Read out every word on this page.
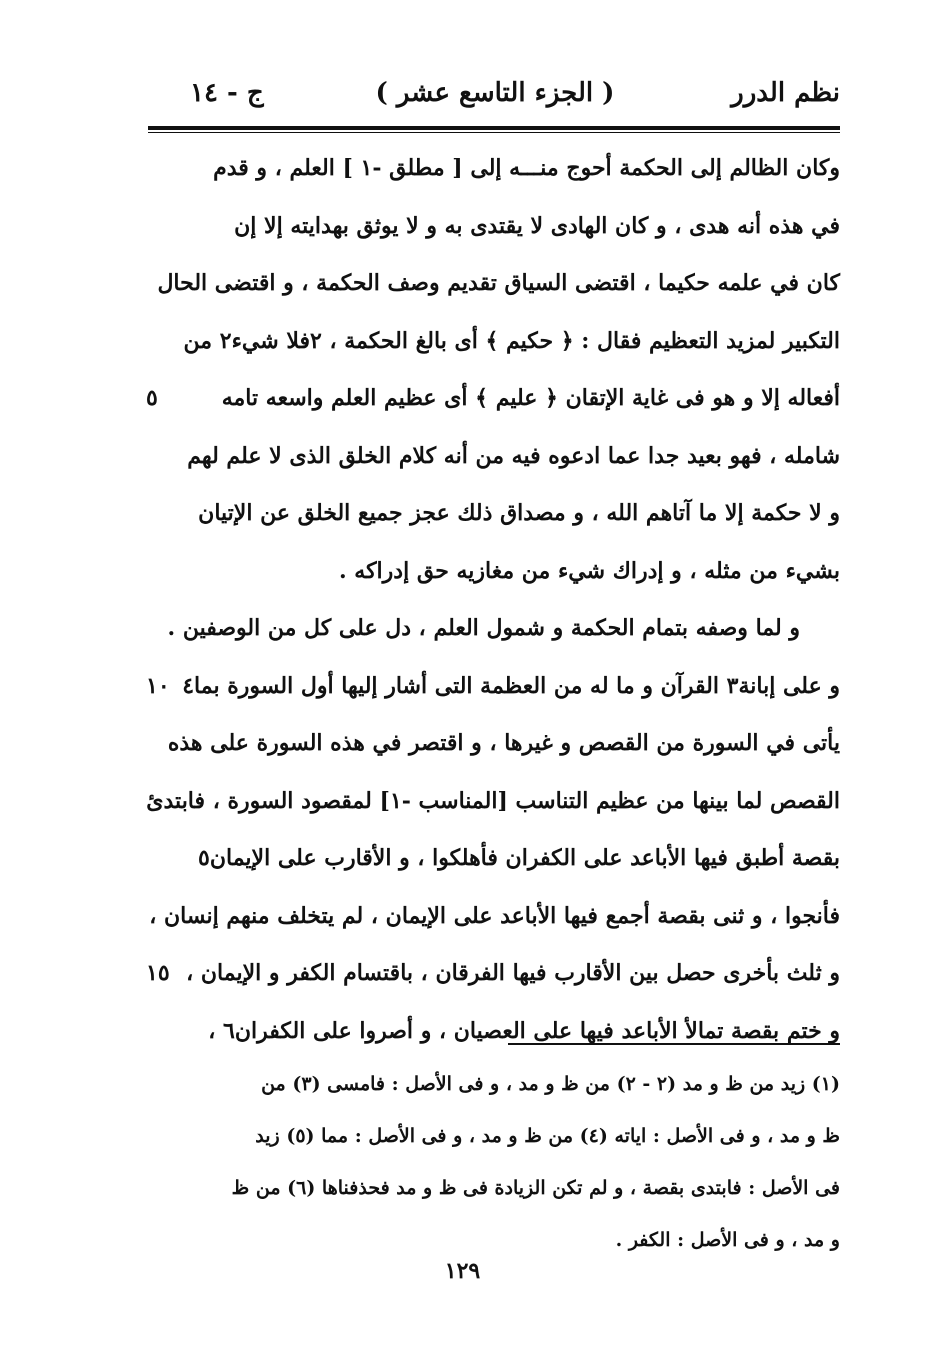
نظم الدرر
( الجزء التاسع عشر )
ج - ١٤
وكان الظالم إلى الحكمة أحوج منـــه إلى [ مطلق -١ ] العلم ، و قدم
في هذه أنه هدى ، و كان الهادى لا يقتدى به و لا يوثق بهدايته إلا إن
كان في علمه حكيما ، اقتضى السياق تقديم وصف الحكمة ، و اقتضى الحال
التكبير لمزيد التعظيم فقال : ﴿ حكيم ﴾ أى بالغ الحكمة ، ٢فلا شيء٢ من
أفعاله إلا و هو فى غاية الإتقان ﴿ عليم ﴾ أى عظيم العلم واسعه تامه
٥
شامله ، فهو بعيد جدا عما ادعوه فيه من أنه كلام الخلق الذى لا علم لهم
و لا حكمة إلا ما آتاهم الله ، و مصداق ذلك عجز جميع الخلق عن الإتيان
بشيء من مثله ، و إدراك شيء من مغازيه حق إدراكه .
و لما وصفه بتمام الحكمة و شمول العلم ، دل على كل من الوصفين .
و على إبانة٣ القرآن و ما له من العظمة التى أشار إليها أول السورة بما٤
١٠
يأتى في السورة من القصص و غيرها ، و اقتصر في هذه السورة على هذه
القصص لما بينها من عظيم التناسب [المناسب -١] لمقصود السورة ، فابتدئ
بقصة أطبق فيها الأباعد على الكفران فأهلكوا ، و الأقارب على الإيمان٥
فأنجوا ، و ثنى بقصة أجمع فيها الأباعد على الإيمان ، لم يتخلف منهم إنسان ،
و ثلث بأخرى حصل بين الأقارب فيها الفرقان ، باقتسام الكفر و الإيمان ،
١٥
و ختم بقصة تمالأ الأباعد فيها على العصيان ، و أصروا على الكفران٦ ،
(١) زيد من ظ و مد (٢ - ٢) من ظ و مد ، و فى الأصل : فامسى (٣) من
ظ و مد ، و فى الأصل : اياته (٤) من ظ و مد ، و فى الأصل : مما (٥) زيد
فى الأصل : فابتدى بقصة ، و لم تكن الزيادة فى ظ و مد فحذفناها (٦) من ظ
و مد ، و فى الأصل : الكفر .
١٢٩
